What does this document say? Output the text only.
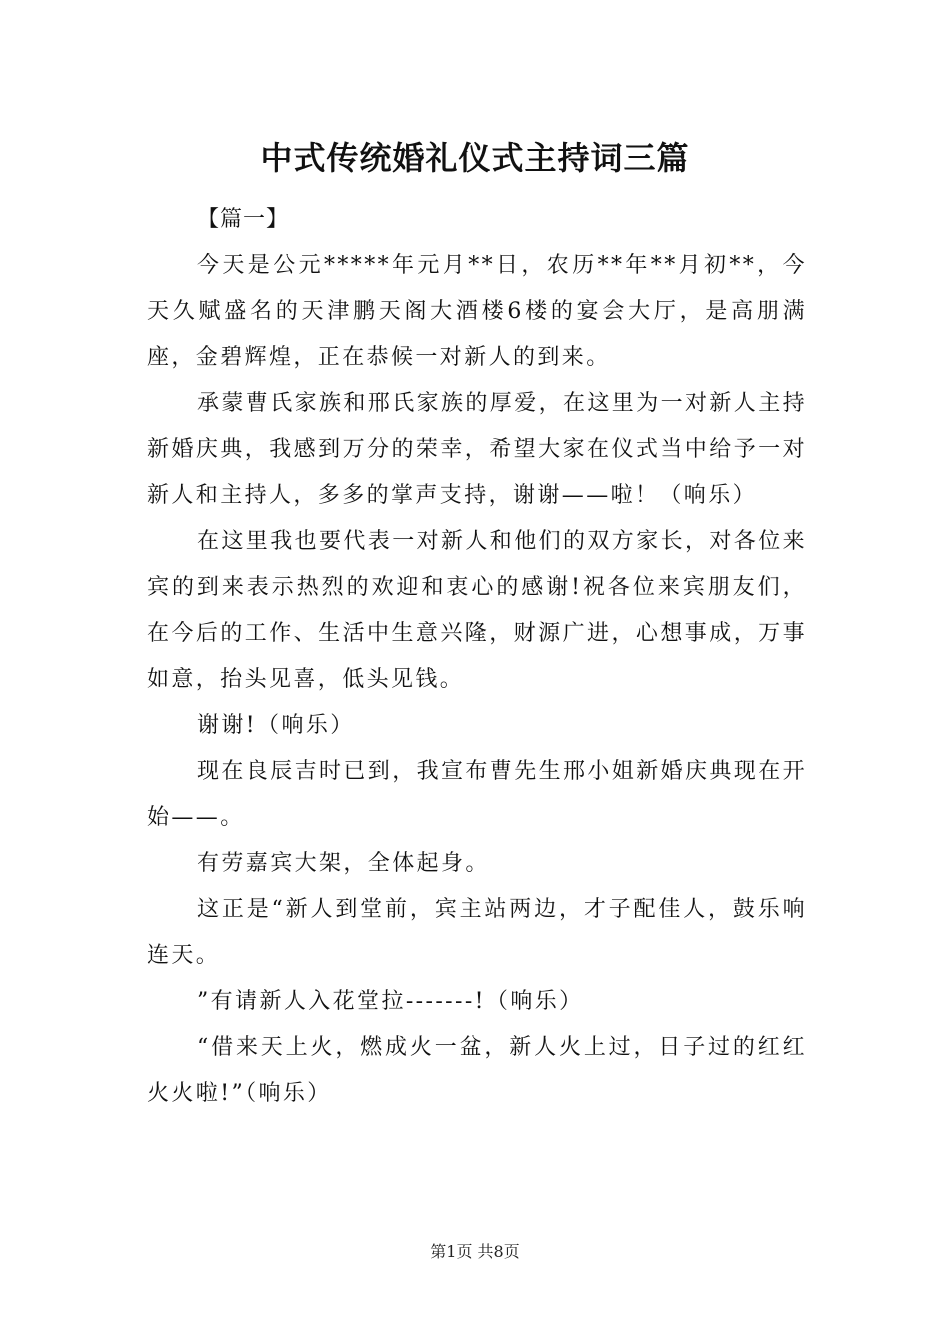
中式传统婚礼仪式主持词三篇

【篇一】

今天是公元*****年元月**日，农历**年**月初**，今天久赋盛名的天津鹏天阁大酒楼6楼的宴会大厅，是高朋满座，金碧辉煌，正在恭候一对新人的到来。

承蒙曹氏家族和邢氏家族的厚爱，在这里为一对新人主持新婚庆典，我感到万分的荣幸，希望大家在仪式当中给予一对新人和主持人，多多的掌声支持，谢谢——啦！（响乐）

在这里我也要代表一对新人和他们的双方家长，对各位来宾的到来表示热烈的欢迎和衷心的感谢!祝各位来宾朋友们，在今后的工作、生活中生意兴隆，财源广进，心想事成，万事如意，抬头见喜，低头见钱。

谢谢!（响乐）

现在良辰吉时已到，我宣布曹先生邢小姐新婚庆典现在开始——。

有劳嘉宾大架，全体起身。

这正是“新人到堂前，宾主站两边，才子配佳人，鼓乐响连天。

”有请新人入花堂拉-------!（响乐）

“借来天上火，燃成火一盆，新人火上过，日子过的红红火火啦!”（响乐）

第1页 共8页
